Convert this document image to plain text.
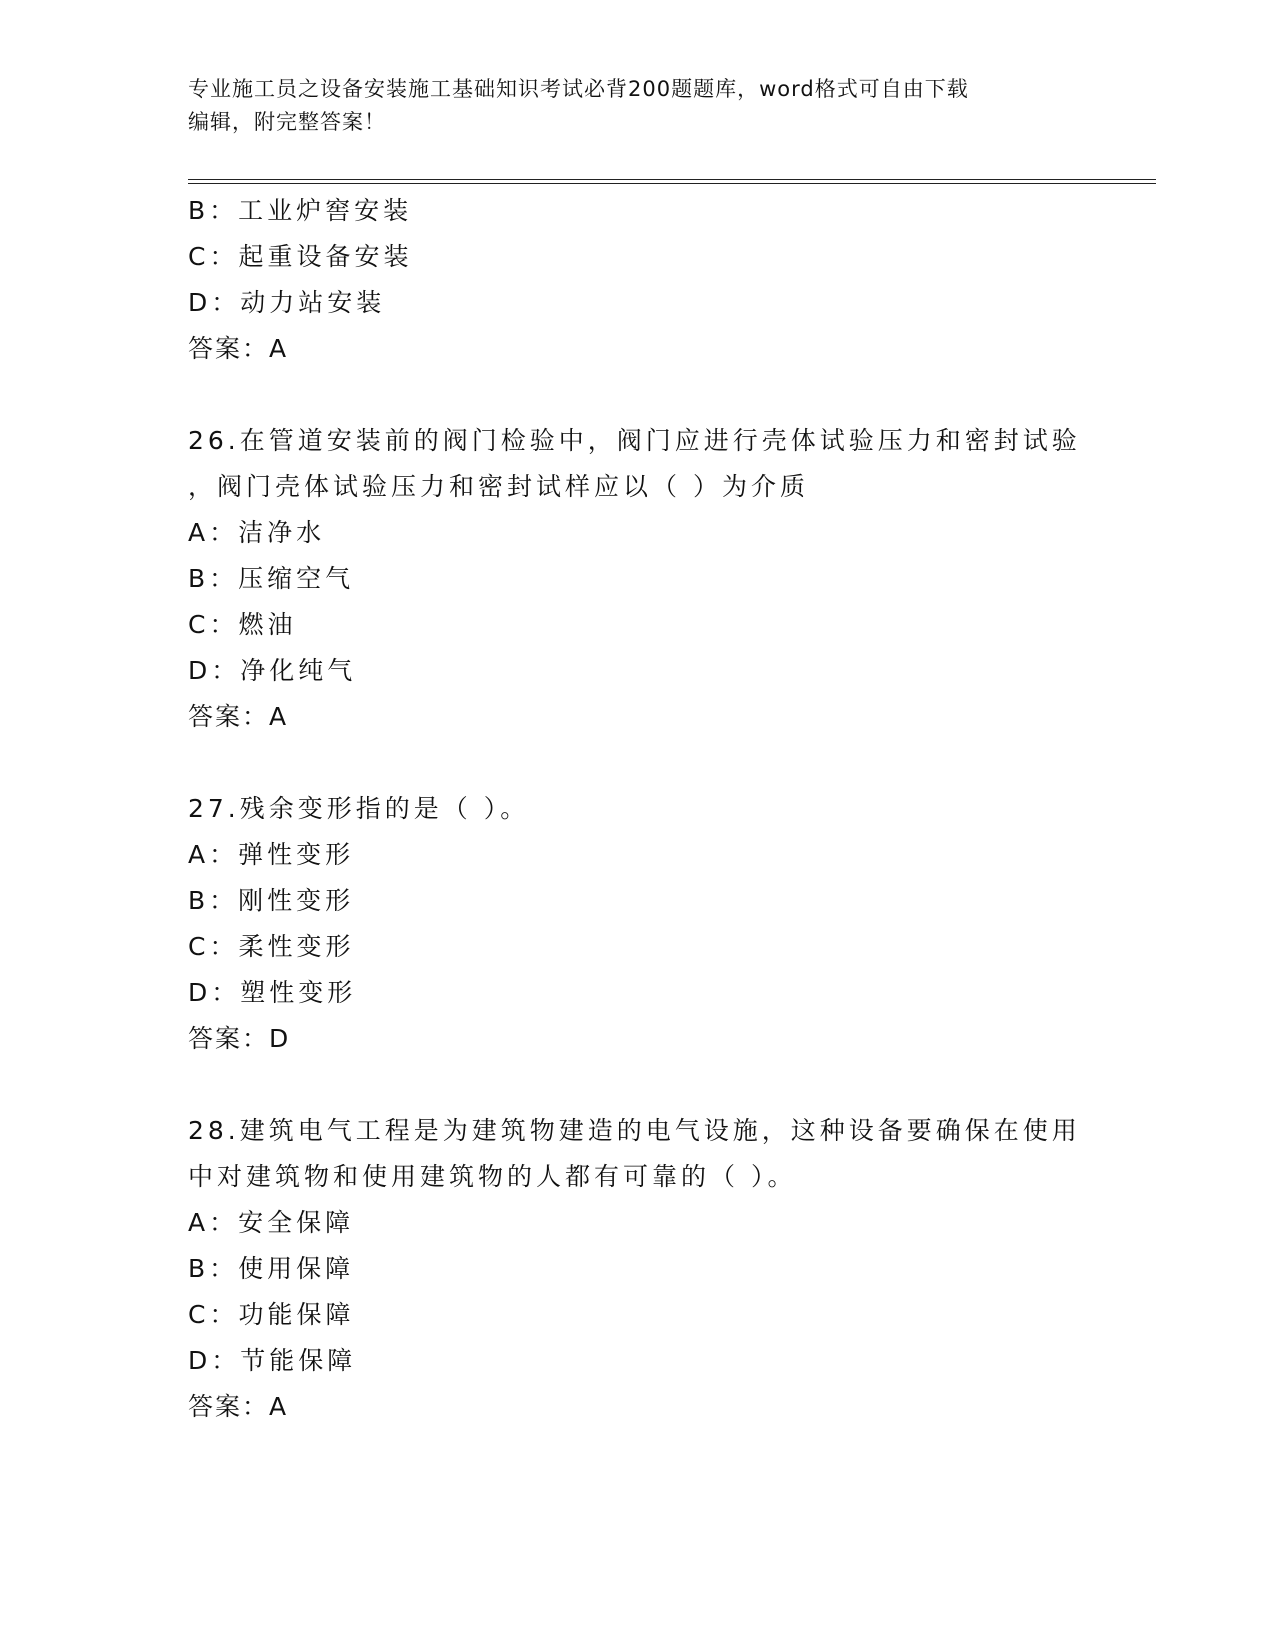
专业施工员之设备安装施工基础知识考试必背200题题库，word格式可自由下载
编辑，附完整答案！
B：工业炉窖安装
C：起重设备安装
D：动力站安装
答案：A
26.在管道安装前的阀门检验中，阀门应进行壳体试验压力和密封试验
，阀门壳体试验压力和密封试样应以（ ）为介质
A：洁净水
B：压缩空气
C：燃油
D：净化纯气
答案：A
27.残余变形指的是（ ）。
A：弹性变形
B：刚性变形
C：柔性变形
D：塑性变形
答案：D
28.建筑电气工程是为建筑物建造的电气设施，这种设备要确保在使用
中对建筑物和使用建筑物的人都有可靠的（ ）。
A：安全保障
B：使用保障
C：功能保障
D：节能保障
答案：A
